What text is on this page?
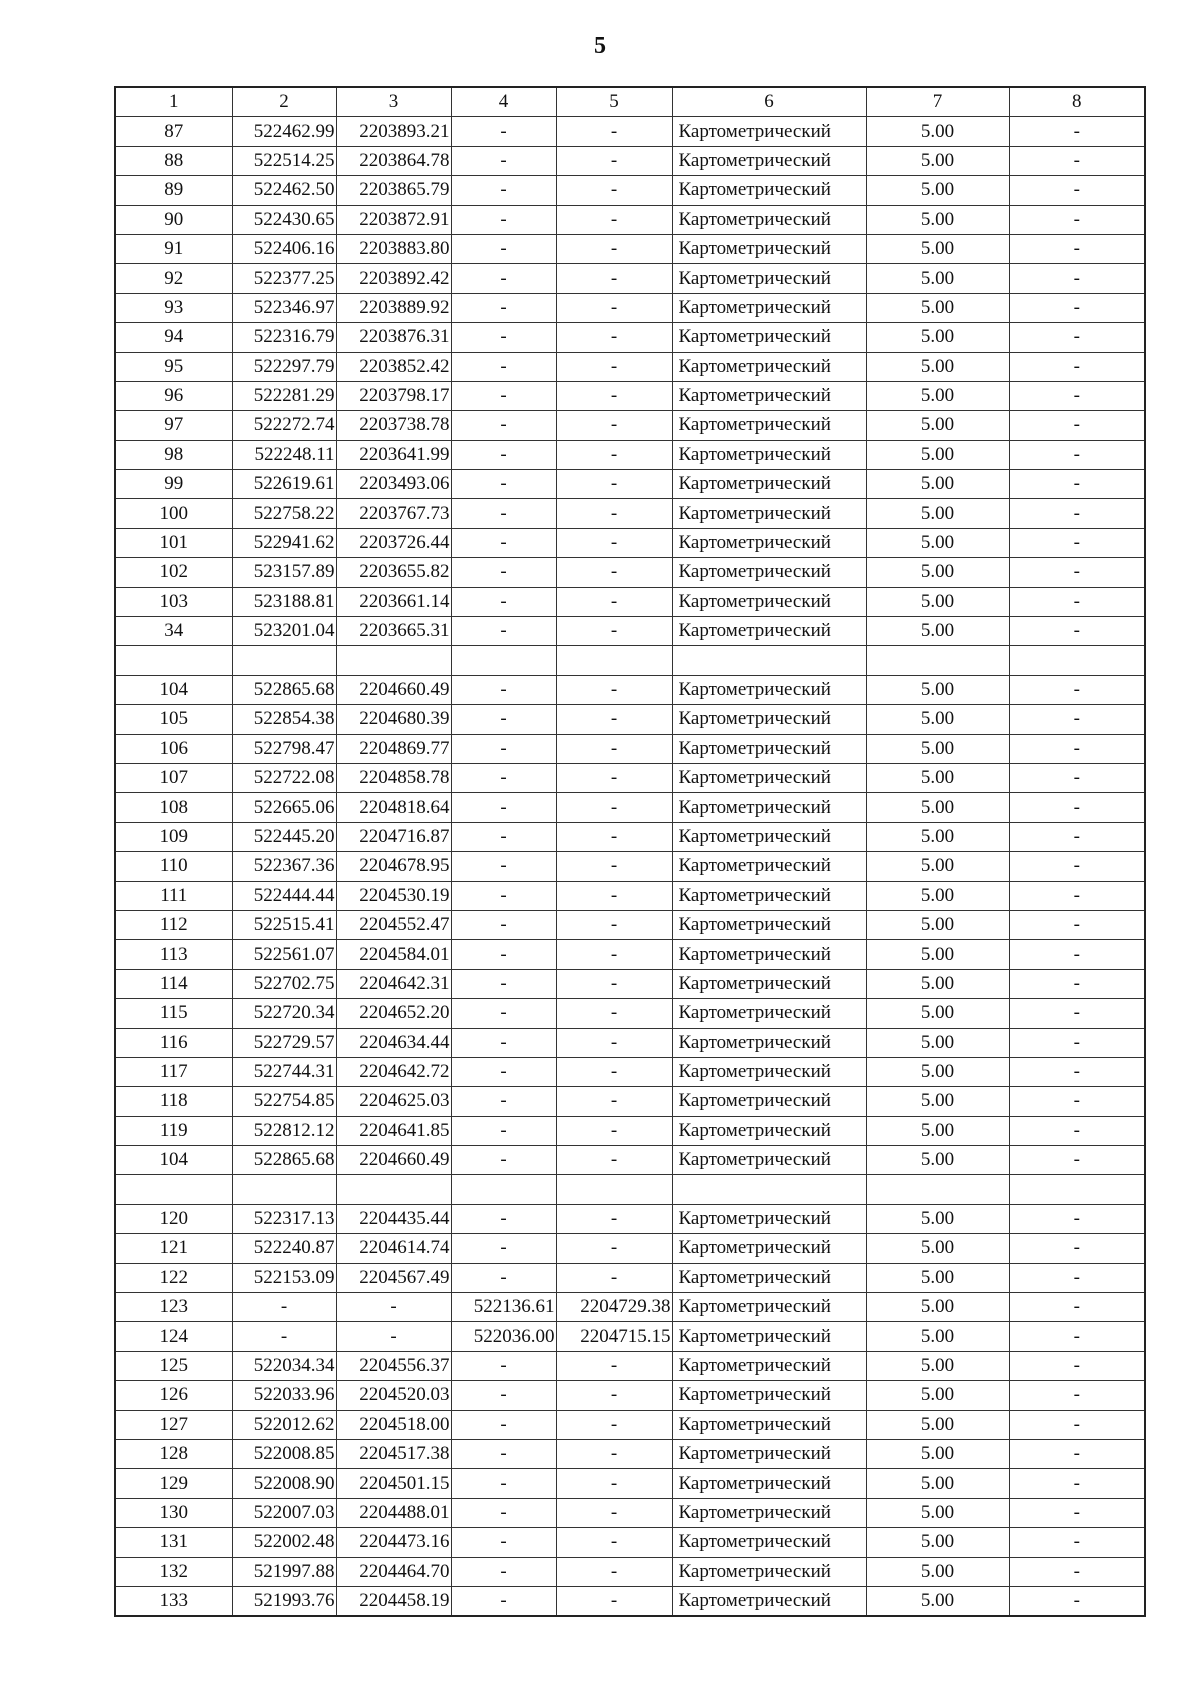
5
1	2	3	4	5	6	7	8
87	522462.99	2203893.21	-	-	Картометрический	5.00	-
88	522514.25	2203864.78	-	-	Картометрический	5.00	-
89	522462.50	2203865.79	-	-	Картометрический	5.00	-
90	522430.65	2203872.91	-	-	Картометрический	5.00	-
91	522406.16	2203883.80	-	-	Картометрический	5.00	-
92	522377.25	2203892.42	-	-	Картометрический	5.00	-
93	522346.97	2203889.92	-	-	Картометрический	5.00	-
94	522316.79	2203876.31	-	-	Картометрический	5.00	-
95	522297.79	2203852.42	-	-	Картометрический	5.00	-
96	522281.29	2203798.17	-	-	Картометрический	5.00	-
97	522272.74	2203738.78	-	-	Картометрический	5.00	-
98	522248.11	2203641.99	-	-	Картометрический	5.00	-
99	522619.61	2203493.06	-	-	Картометрический	5.00	-
100	522758.22	2203767.73	-	-	Картометрический	5.00	-
101	522941.62	2203726.44	-	-	Картометрический	5.00	-
102	523157.89	2203655.82	-	-	Картометрический	5.00	-
103	523188.81	2203661.14	-	-	Картометрический	5.00	-
34	523201.04	2203665.31	-	-	Картометрический	5.00	-

104	522865.68	2204660.49	-	-	Картометрический	5.00	-
105	522854.38	2204680.39	-	-	Картометрический	5.00	-
106	522798.47	2204869.77	-	-	Картометрический	5.00	-
107	522722.08	2204858.78	-	-	Картометрический	5.00	-
108	522665.06	2204818.64	-	-	Картометрический	5.00	-
109	522445.20	2204716.87	-	-	Картометрический	5.00	-
110	522367.36	2204678.95	-	-	Картометрический	5.00	-
111	522444.44	2204530.19	-	-	Картометрический	5.00	-
112	522515.41	2204552.47	-	-	Картометрический	5.00	-
113	522561.07	2204584.01	-	-	Картометрический	5.00	-
114	522702.75	2204642.31	-	-	Картометрический	5.00	-
115	522720.34	2204652.20	-	-	Картометрический	5.00	-
116	522729.57	2204634.44	-	-	Картометрический	5.00	-
117	522744.31	2204642.72	-	-	Картометрический	5.00	-
118	522754.85	2204625.03	-	-	Картометрический	5.00	-
119	522812.12	2204641.85	-	-	Картометрический	5.00	-
104	522865.68	2204660.49	-	-	Картометрический	5.00	-

120	522317.13	2204435.44	-	-	Картометрический	5.00	-
121	522240.87	2204614.74	-	-	Картометрический	5.00	-
122	522153.09	2204567.49	-	-	Картометрический	5.00	-
123	-	-	522136.61	2204729.38	Картометрический	5.00	-
124	-	-	522036.00	2204715.15	Картометрический	5.00	-
125	522034.34	2204556.37	-	-	Картометрический	5.00	-
126	522033.96	2204520.03	-	-	Картометрический	5.00	-
127	522012.62	2204518.00	-	-	Картометрический	5.00	-
128	522008.85	2204517.38	-	-	Картометрический	5.00	-
129	522008.90	2204501.15	-	-	Картометрический	5.00	-
130	522007.03	2204488.01	-	-	Картометрический	5.00	-
131	522002.48	2204473.16	-	-	Картометрический	5.00	-
132	521997.88	2204464.70	-	-	Картометрический	5.00	-
133	521993.76	2204458.19	-	-	Картометрический	5.00	-
